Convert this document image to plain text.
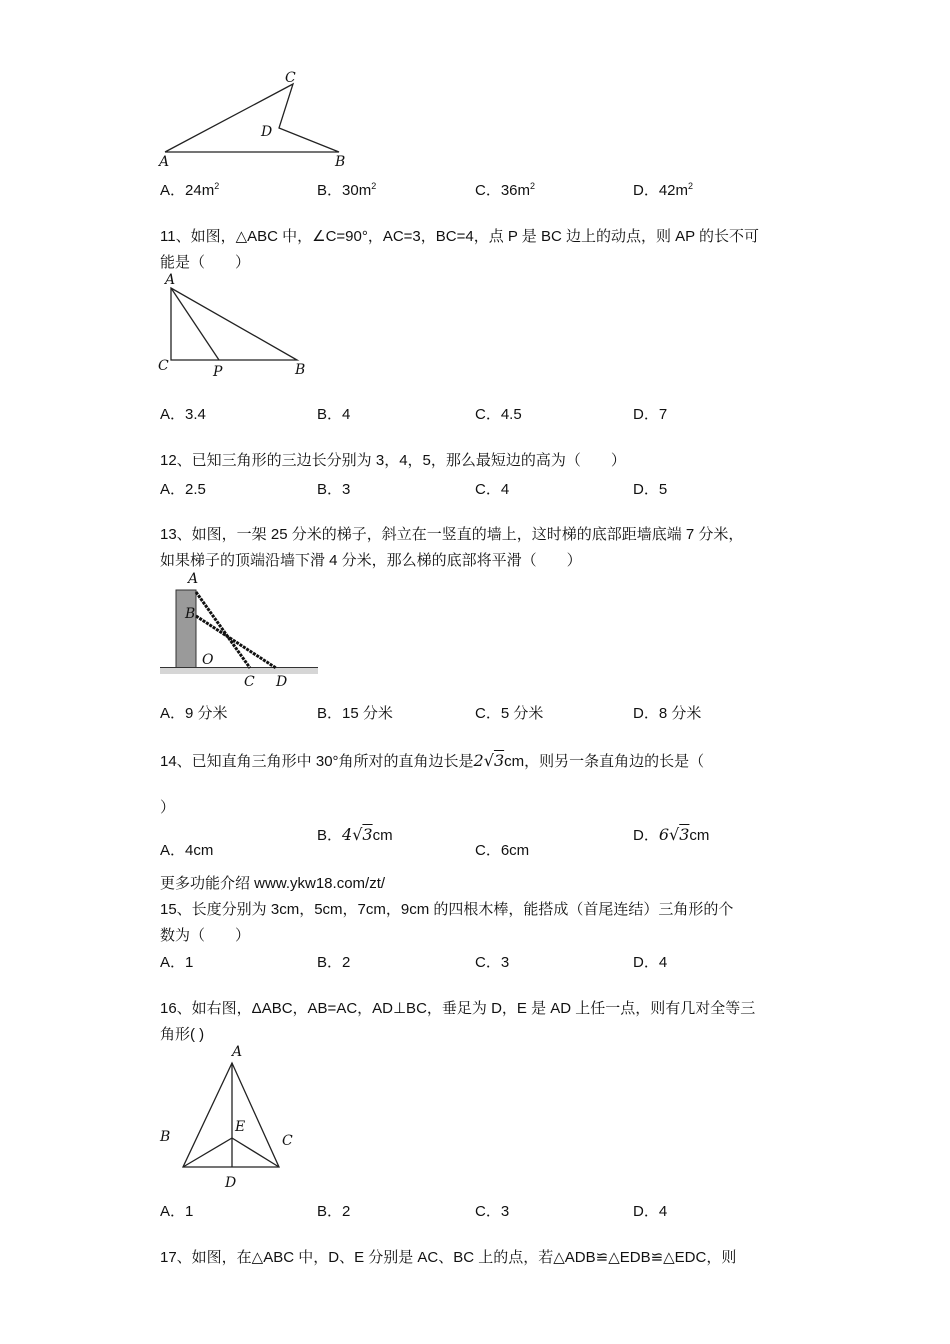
A	B
C
D
A．$24m^2$	B．$30m^2$	C．$36m^2$	D．$42m^2$
11、如图，△ABC 中，∠C=90°，AC=3，BC=4，点 P 是 BC 边上的动点，则 AP 的长不可
能是（　　）
A
C	P	B
A．3.4	B．4	C．4.5	D．7
12、已知三角形的三边长分别为 3，4，5，那么最短边的高为（　　）
A．2.5	B．3	C．4	D．5
13、如图，一架 25 分米的梯子，斜立在一竖直的墙上，这时梯的底部距墙底端 7 分米，
如果梯子的顶端沿墙下滑 4 分米，那么梯的底部将平滑（　　）
A
B
O
C D
A．9 分米	B．15 分米	C．5 分米	D．8 分米
14、已知直角三角形中 30°角所对的直角边长是2√3cm，则另一条直角边的长是（
）
A．4cm
B．4√3cm
C．6cm
D．6√3cm
更多功能介绍 www.ykw18.com/zt/
15、长度分别为 3cm，5cm，7cm，9cm 的四根木棒，能搭成（首尾连结）三角形的个
数为（　　）
A．1	B．2	C．3	D．4
16、如右图，ΔABC，AB=AC，AD⊥BC，垂足为 D，E 是 AD 上任一点，则有几对全等三
角形( )
A
B
E
C
D
A．1	B．2	C．3	D．4
17、如图，在△ABC 中，D、E 分别是 AC、BC 上的点，若△ADB≌△EDB≌△EDC，则
